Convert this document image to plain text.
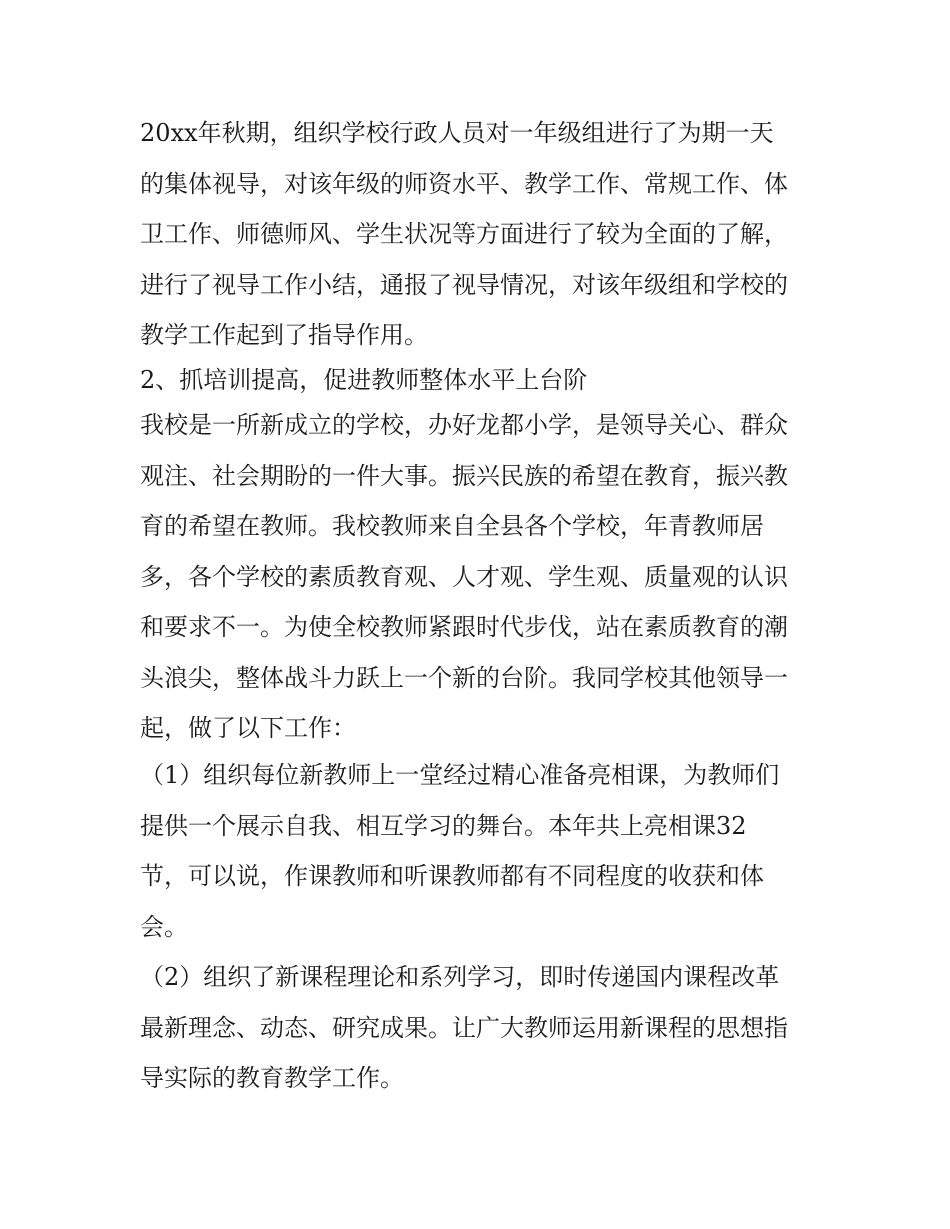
20xx年秋期，组织学校行政人员对一年级组进行了为期一天
的集体视导，对该年级的师资水平、教学工作、常规工作、体
卫工作、师德师风、学生状况等方面进行了较为全面的了解，
进行了视导工作小结，通报了视导情况，对该年级组和学校的
教学工作起到了指导作用。
2、抓培训提高，促进教师整体水平上台阶
我校是一所新成立的学校，办好龙都小学，是领导关心、群众
观注、社会期盼的一件大事。振兴民族的希望在教育，振兴教
育的希望在教师。我校教师来自全县各个学校，年青教师居
多，各个学校的素质教育观、人才观、学生观、质量观的认识
和要求不一。为使全校教师紧跟时代步伐，站在素质教育的潮
头浪尖，整体战斗力跃上一个新的台阶。我同学校其他领导一
起，做了以下工作：
（1）组织每位新教师上一堂经过精心准备亮相课，为教师们
提供一个展示自我、相互学习的舞台。本年共上亮相课32
节，可以说，作课教师和听课教师都有不同程度的收获和体
会。
（2）组织了新课程理论和系列学习，即时传递国内课程改革
最新理念、动态、研究成果。让广大教师运用新课程的思想指
导实际的教育教学工作。
